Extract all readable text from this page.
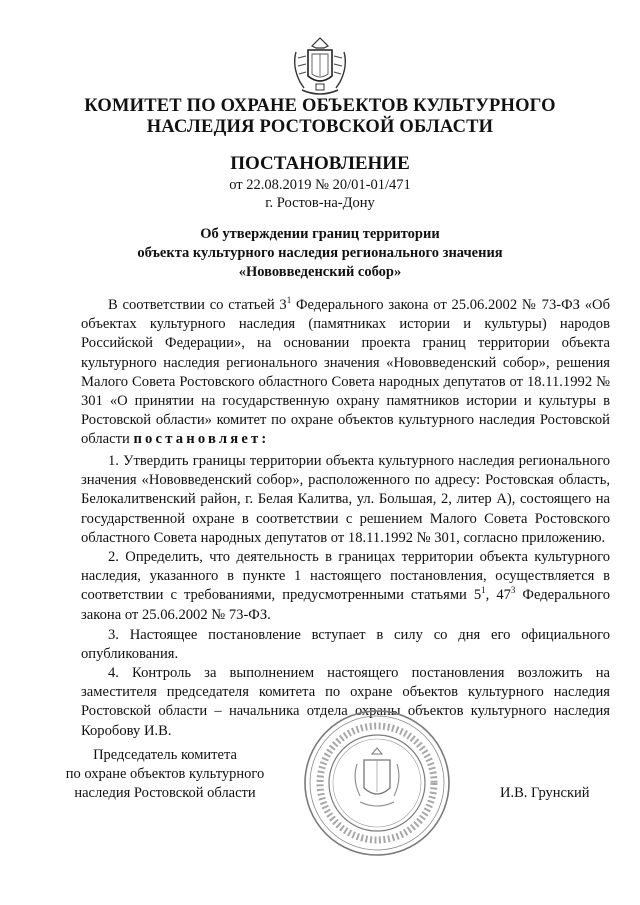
КОМИТЕТ ПО ОХРАНЕ ОБЪЕКТОВ КУЛЬТУРНОГО
НАСЛЕДИЯ РОСТОВСКОЙ ОБЛАСТИ
ПОСТАНОВЛЕНИЕ
от 22.08.2019 № 20/01-01/471
г. Ростов-на-Дону
Об утверждении границ территории
объекта культурного наследия регионального значения
«Нововведенский собор»

В соответствии со статьей $3^1$ Федерального закона от 25.06.2002 № 73-ФЗ «Об объектах культурного наследия (памятниках истории и культуры) народов Российской Федерации», на основании проекта границ территории объекта культурного наследия регионального значения «Нововведенский собор», решения Малого Совета Ростовского областного Совета народных депутатов от 18.11.1992 № 301 «О принятии на государственную охрану памятников истории и культуры в Ростовской области» комитет по охране объектов культурного наследия Ростовской области постановляет:

1. Утвердить границы территории объекта культурного наследия регионального значения «Нововведенский собор», расположенного по адресу: Ростовская область, Белокалитвенский район, г. Белая Калитва, ул. Большая, 2, литер А), состоящего на государственной охране в соответствии с решением Малого Совета Ростовского областного Совета народных депутатов от 18.11.1992 № 301, согласно приложению.

2. Определить, что деятельность в границах территории объекта культурного наследия, указанного в пункте 1 настоящего постановления, осуществляется в соответствии с требованиями, предусмотренными статьями $5^1$, $47^3$ Федерального закона от 25.06.2002 № 73-ФЗ.

3. Настоящее постановление вступает в силу со дня его официального опубликования.

4. Контроль за выполнением настоящего постановления возложить на заместителя председателя комитета по охране объектов культурного наследия Ростовской области – начальника отдела охраны объектов культурного наследия Коробову И.В.

Председатель комитета
по охране объектов культурного
наследия Ростовской области	И.В. Грунский
